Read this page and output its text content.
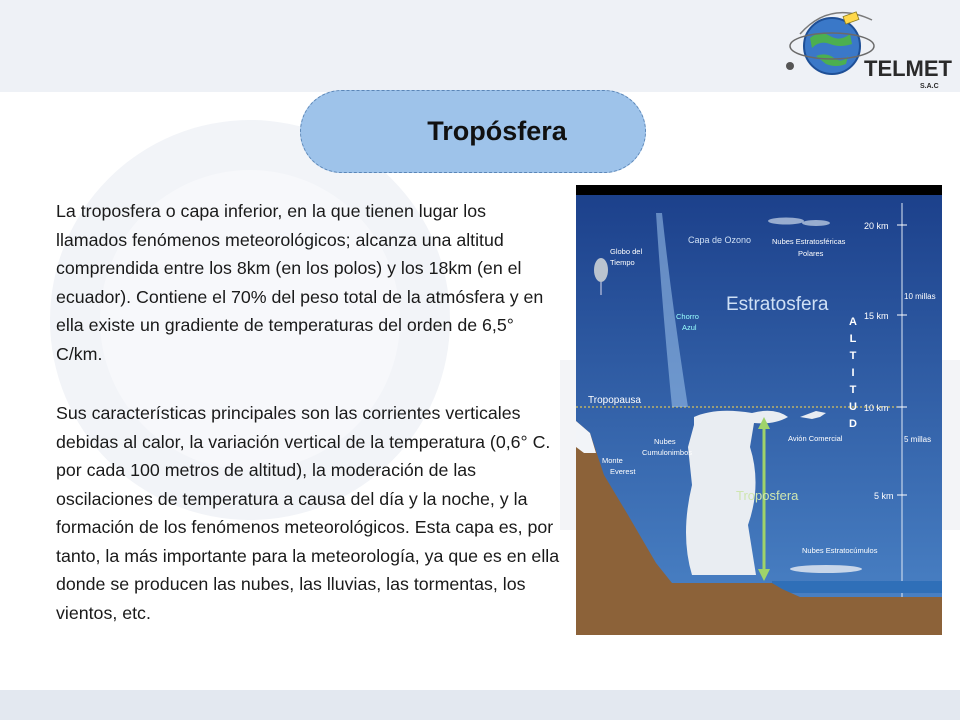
TELMET
S.A.C
Tropósfera

La troposfera o capa inferior, en la que tienen lugar los llamados fenómenos meteorológicos; alcanza una altitud comprendida entre los 8km (en los polos) y los 18km (en el ecuador). Contiene el 70% del peso total de la atmósfera y en ella existe un gradiente de temperaturas del orden de 6,5° C/km.

Sus características principales son las corrientes verticales debidas al calor, la variación vertical de la temperatura (0,6° C. por cada 100 metros de altitud), la moderación de las oscilaciones de temperatura a causa del día y la noche, y la formación de los fenómenos meteorológicos. Esta capa es, por tanto, la más importante para la meteorología, ya que es en ella donde se producen las nubes, las lluvias, las tormentas, los vientos, etc.

20 km
15 km
10 km
5 km
10 millas
5 millas
A
L
T
I
T
U
D
Estratosfera
Capa de Ozono	Nubes Estratosféricas
Polares
Globo del
Tiempo
Chorro
Azul
Tropopausa
Monte
Everest
Nubes
Cumulonimbos
Troposfera
Avión Comercial
Nubes Estratocúmulos
